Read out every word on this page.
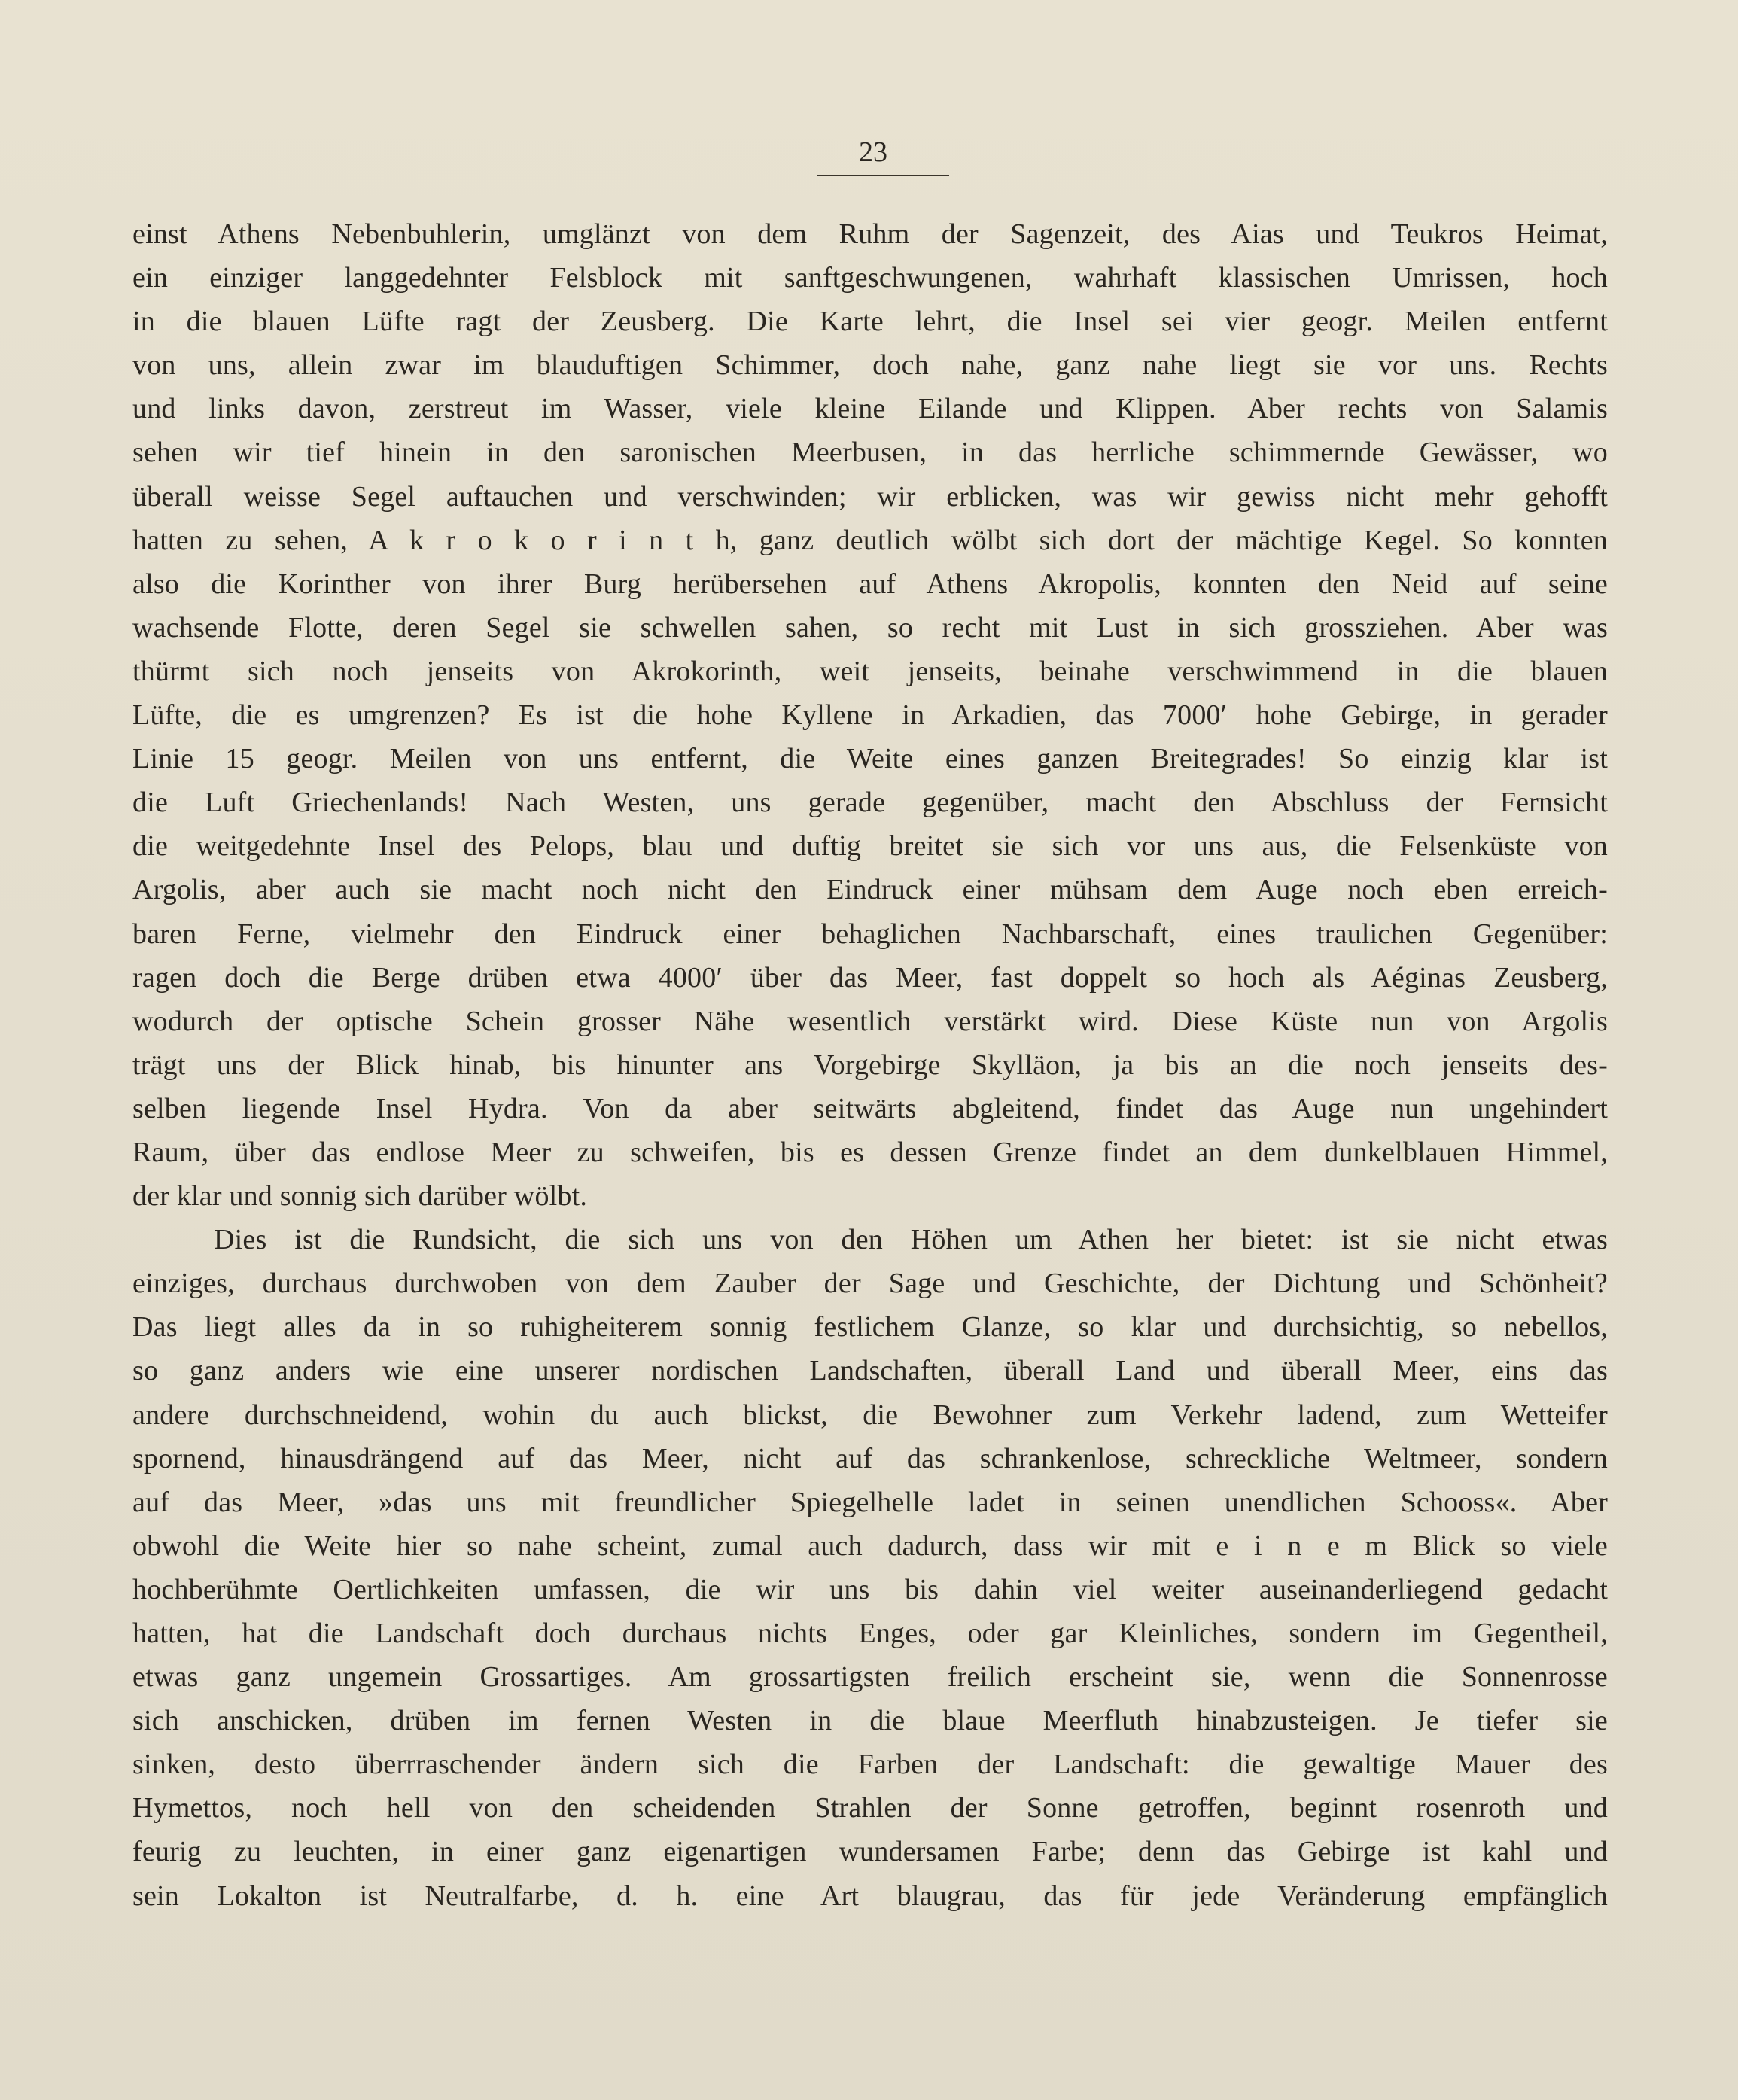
23
einst Athens Nebenbuhlerin, umglänzt von dem Ruhm der Sagenzeit, des Aias und Teukros Heimat,
ein einziger langgedehnter Felsblock mit sanftgeschwungenen, wahrhaft klassischen Umrissen, hoch
in die blauen Lüfte ragt der Zeusberg. Die Karte lehrt, die Insel sei vier geogr. Meilen entfernt
von uns, allein zwar im blauduftigen Schimmer, doch nahe, ganz nahe liegt sie vor uns. Rechts
und links davon, zerstreut im Wasser, viele kleine Eilande und Klippen. Aber rechts von Salamis
sehen wir tief hinein in den saronischen Meerbusen, in das herrliche schimmernde Gewässer, wo
überall weisse Segel auftauchen und verschwinden; wir erblicken, was wir gewiss nicht mehr gehofft
hatten zu sehen, A k r o k o r i n t h, ganz deutlich wölbt sich dort der mächtige Kegel. So konnten
also die Korinther von ihrer Burg herübersehen auf Athens Akropolis, konnten den Neid auf seine
wachsende Flotte, deren Segel sie schwellen sahen, so recht mit Lust in sich grossziehen. Aber was
thürmt sich noch jenseits von Akrokorinth, weit jenseits, beinahe verschwimmend in die blauen
Lüfte, die es umgrenzen? Es ist die hohe Kyllene in Arkadien, das 7000′ hohe Gebirge, in gerader
Linie 15 geogr. Meilen von uns entfernt, die Weite eines ganzen Breitegrades! So einzig klar ist
die Luft Griechenlands! Nach Westen, uns gerade gegenüber, macht den Abschluss der Fernsicht
die weitgedehnte Insel des Pelops, blau und duftig breitet sie sich vor uns aus, die Felsenküste von
Argolis, aber auch sie macht noch nicht den Eindruck einer mühsam dem Auge noch eben erreich-
baren Ferne, vielmehr den Eindruck einer behaglichen Nachbarschaft, eines traulichen Gegenüber:
ragen doch die Berge drüben etwa 4000′ über das Meer, fast doppelt so hoch als Aéginas Zeusberg,
wodurch der optische Schein grosser Nähe wesentlich verstärkt wird. Diese Küste nun von Argolis
trägt uns der Blick hinab, bis hinunter ans Vorgebirge Skylläon, ja bis an die noch jenseits des-
selben liegende Insel Hydra. Von da aber seitwärts abgleitend, findet das Auge nun ungehindert
Raum, über das endlose Meer zu schweifen, bis es dessen Grenze findet an dem dunkelblauen Himmel,
der klar und sonnig sich darüber wölbt.
Dies ist die Rundsicht, die sich uns von den Höhen um Athen her bietet: ist sie nicht etwas
einziges, durchaus durchwoben von dem Zauber der Sage und Geschichte, der Dichtung und Schönheit?
Das liegt alles da in so ruhigheiterem sonnig festlichem Glanze, so klar und durchsichtig, so nebellos,
so ganz anders wie eine unserer nordischen Landschaften, überall Land und überall Meer, eins das
andere durchschneidend, wohin du auch blickst, die Bewohner zum Verkehr ladend, zum Wetteifer
spornend, hinausdrängend auf das Meer, nicht auf das schrankenlose, schreckliche Weltmeer, sondern
auf das Meer, »das uns mit freundlicher Spiegelhelle ladet in seinen unendlichen Schooss«. Aber
obwohl die Weite hier so nahe scheint, zumal auch dadurch, dass wir mit e i n e m Blick so viele
hochberühmte Oertlichkeiten umfassen, die wir uns bis dahin viel weiter auseinanderliegend gedacht
hatten, hat die Landschaft doch durchaus nichts Enges, oder gar Kleinliches, sondern im Gegentheil,
etwas ganz ungemein Grossartiges. Am grossartigsten freilich erscheint sie, wenn die Sonnenrosse
sich anschicken, drüben im fernen Westen in die blaue Meerfluth hinabzusteigen. Je tiefer sie
sinken, desto überrraschender ändern sich die Farben der Landschaft: die gewaltige Mauer des
Hymettos, noch hell von den scheidenden Strahlen der Sonne getroffen, beginnt rosenroth und
feurig zu leuchten, in einer ganz eigenartigen wundersamen Farbe; denn das Gebirge ist kahl und
sein Lokalton ist Neutralfarbe, d. h. eine Art blaugrau, das für jede Veränderung empfänglich
